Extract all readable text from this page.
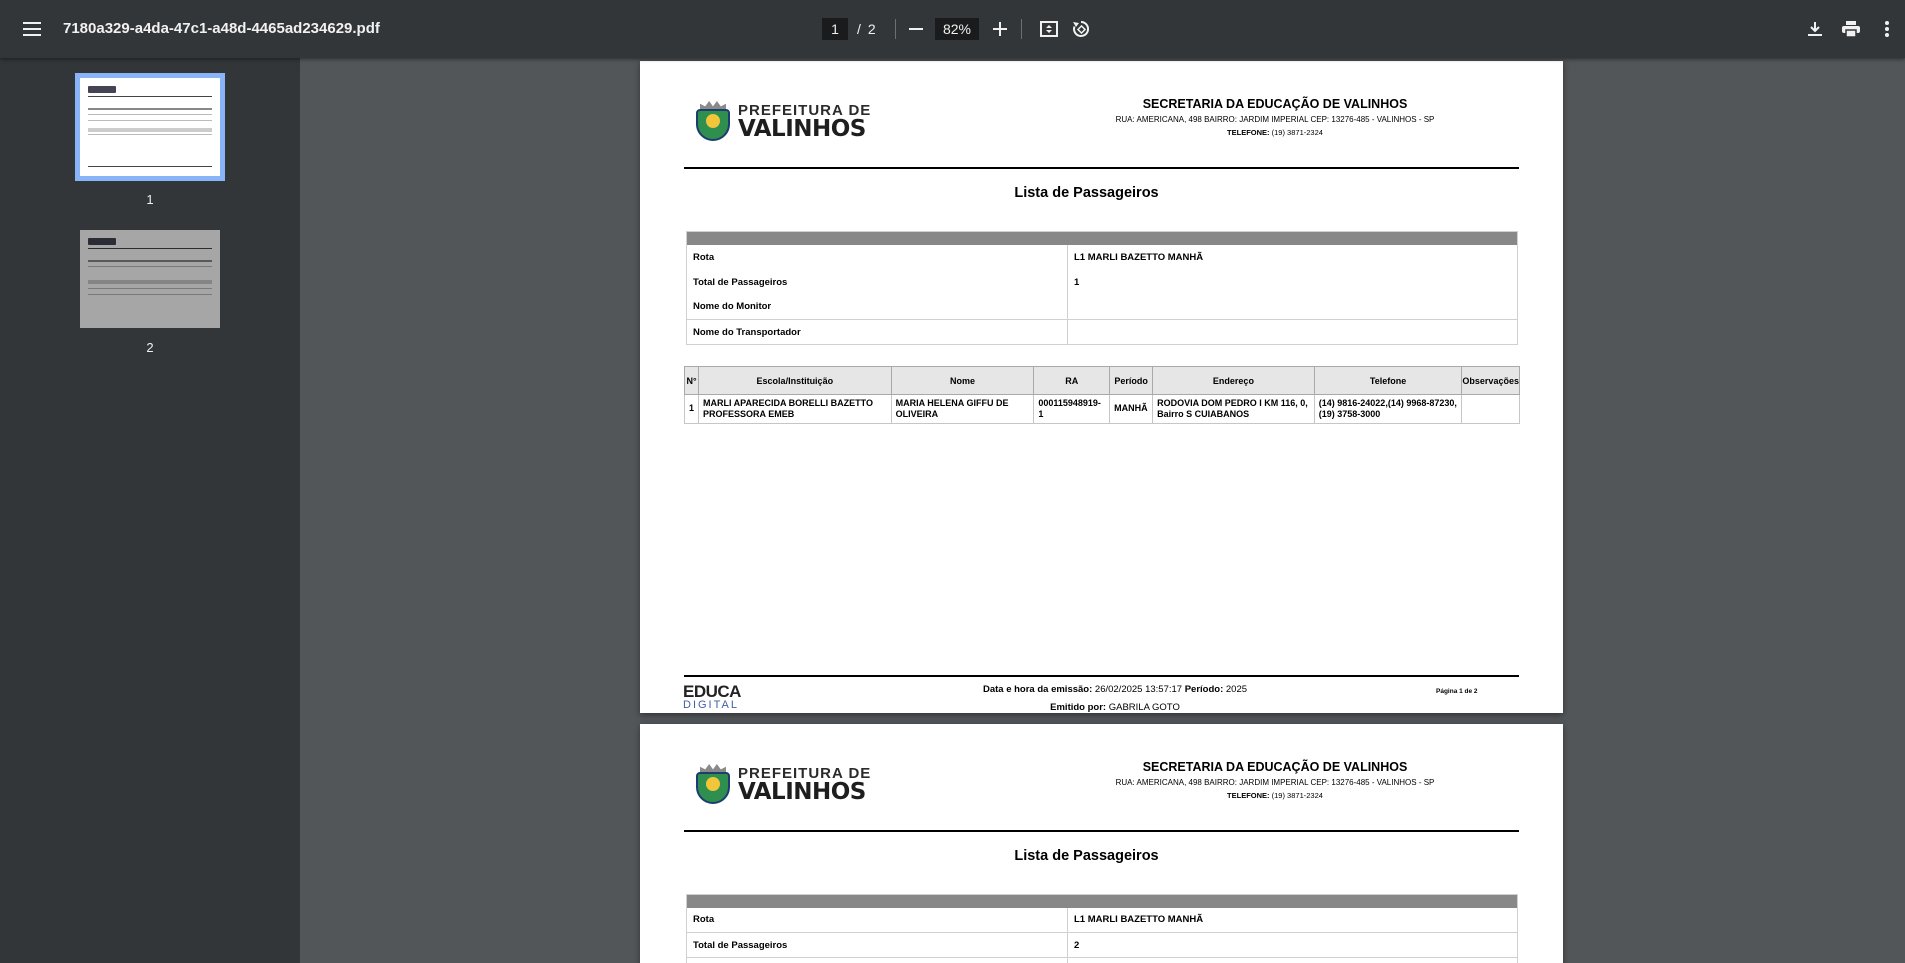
7180a329-a4da-47c1-a48d-4465ad234629.pdf
1	/ 2
82%
1
2
PREFEITURA DE
VALINHOS
SECRETARIA DA EDUCAÇÃO DE VALINHOS
RUA: AMERICANA, 498 BAIRRO: JARDIM IMPERIAL CEP: 13276-485 - VALINHOS - SP
TELEFONE: (19) 3871-2324
Lista de Passageiros

Rota	L1 MARLI BAZETTO MANHÃ
Total de Passageiros	1
Nome do Monitor	
Nome do Transportador	
N°	Escola/Instituição	Nome	RA	Período	Endereço	Telefone	Observações
1	MARLI APARECIDA BORELLI BAZETTO PROFESSORA EMEB	MARIA HELENA GIFFU DE OLIVEIRA	000115948919-1	MANHÃ	RODOVIA DOM PEDRO I KM 116, 0, Bairro S CUIABANOS	(14) 9816-24022,(14) 9968-87230,(19) 3758-3000	
EDUCA
DIGITAL
Data e hora da emissão: 26/02/2025 13:57:17 Período: 2025
Emitido por: GABRILA GOTO
Página 1 de 2
PREFEITURA DE
VALINHOS
SECRETARIA DA EDUCAÇÃO DE VALINHOS
RUA: AMERICANA, 498 BAIRRO: JARDIM IMPERIAL CEP: 13276-485 - VALINHOS - SP
TELEFONE: (19) 3871-2324
Lista de Passageiros

Rota	L1 MARLI BAZETTO MANHÃ
Total de Passageiros	2
